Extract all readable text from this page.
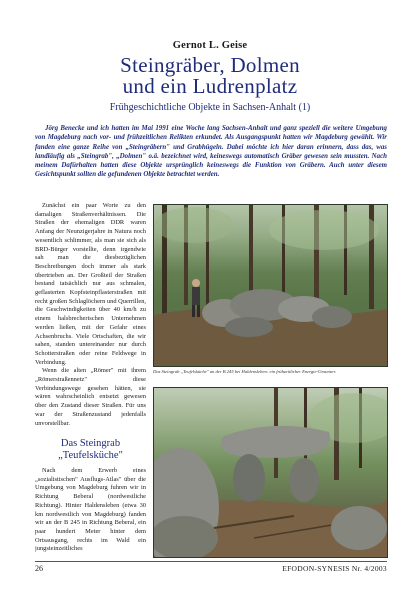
Gernot L. Geise
Steingräber, Dolmen
und ein Ludrenplatz
Frühgeschichtliche Objekte in Sachsen-Anhalt (1)
Jörg Benecke und ich hatten im Mai 1991 eine Woche lang Sachsen-Anhalt und ganz speziell die weitere Umgebung von Magdeburg nach vor- und frühzeitlichen Relikten erkundet. Als Ausgangspunkt hatten wir Magdeburg gewählt. Wir fanden eine ganze Reihe von „Steingräbern" und Grabhügeln. Dabei möchte ich hier daran erinnern, dass das, was landläufig als „Steingrab", „Dolmen" o.ä. bezeichnet wird, keineswegs automatisch Gräber gewesen sein mussten. Nach meinem Dafürhalten hatten diese Objekte ursprünglich keineswegs die Funktion von Gräbern. Auch unter diesem Gesichtspunkt sollten die gefundenen Objekte betrachtet werden.

Zunächst ein paar Worte zu den damaligen Straßenverhältnissen. Die Straßen der ehemaligen DDR waren Anfang der Neunzigerjahre in Natura noch wesentlich schlimmer, als man sie sich als BRD-Bürger vorstellte, denn irgendwie sah man die diesbezüglichen Beschreibungen doch immer als stark übertrieben an. Der Großteil der Straßen bestand tatsächlich nur aus schmalen, geflasterten Kopfsteinpflasterstraßen mit recht großen Schlaglöchern und Querrillen, die Geschwindigkeiten über 40 km/h zu einem halsbrecherischen Unternehmen werden ließen, mit der Gefahr eines Achsenbruchs. Viele Ortschaften, die wir sahen, standen untereinander nur durch Schotterstraßen oder reine Feldwege in Verbindung.

Wenn die alten „Römer" mit ihrem „Römerstraßennetz" diese Verbindungswege gesehen hätten, sie wären wahrscheinlich entsetzt gewesen über den Zustand dieser Straßen. Für uns war der Straßenzustand jedenfalls unvorstellbar.

Das Steingrab
„Teufelsküche"

Nach dem Erwerb eines „sozialistischen" Ausflugs-Atlas" über die Umgebung von Magdeburg fuhren wir in Richtung Beberal (nordwestliche Richtung). Hinter Haldensleben (etwa 30 km nordwestlich von Magdeburg) fanden wir an der B 245 in Richtung Beberal, ein paar hundert Meter hinter dem Ortsausgang, rechts im Wald ein jungsteinzeitliches

Das Steingrab „Teufelsküche" an der B 245 bei Haldensleben: ein frühzeitlicher Energie-Umsetzer.
26	EFODON-SYNESIS Nr. 4/2003
